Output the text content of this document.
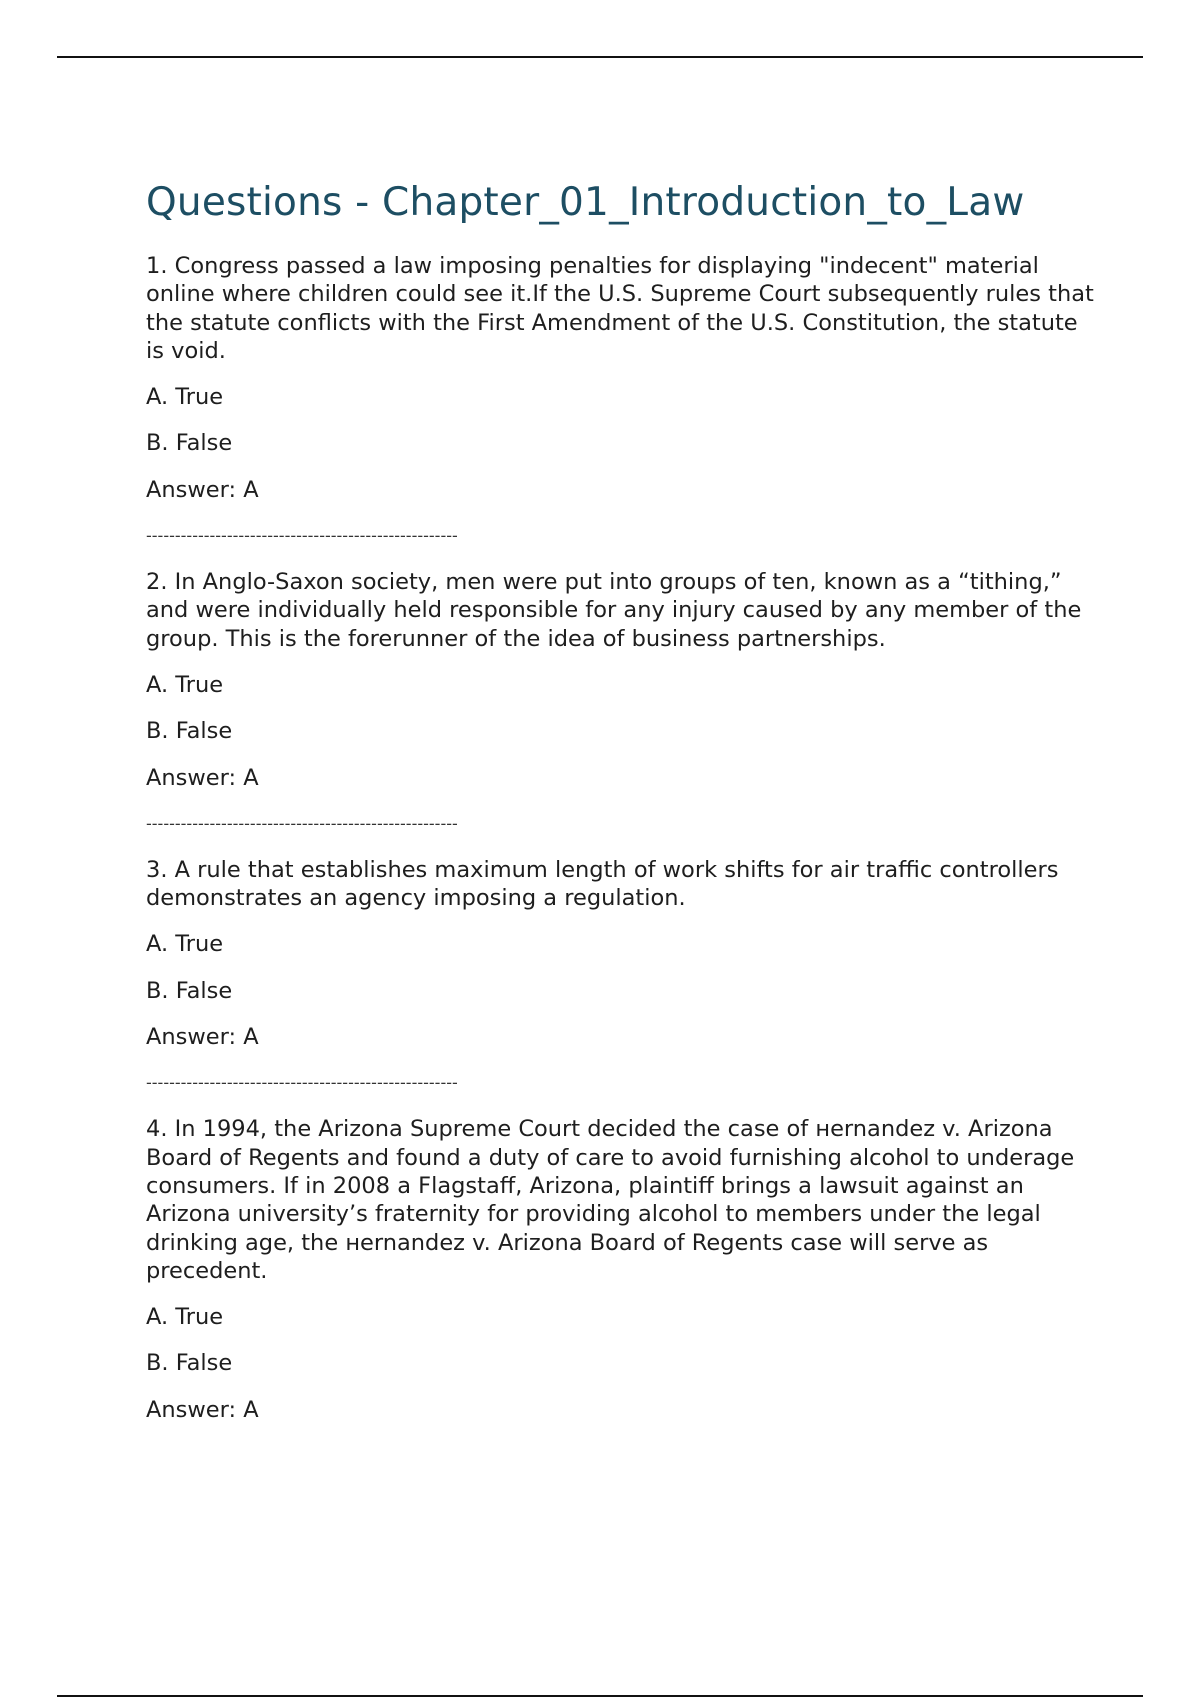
Questions - Chapter_01_Introduction_to_Law

1. Congress passed a law imposing penalties for displaying "indecent" material online where children could see it.If the U.S. Supreme Court subsequently rules that the statute conflicts with the First Amendment of the U.S. Constitution, the statute is void.

A. True

B. False

Answer: A

------------------------------------------------------

2. In Anglo-Saxon society, men were put into groups of ten, known as a “tithing,” and were individually held responsible for any injury caused by any member of the group. This is the forerunner of the idea of business partnerships.

A. True

B. False

Answer: A

------------------------------------------------------

3. A rule that establishes maximum length of work shifts for air traffic controllers demonstrates an agency imposing a regulation.

A. True

B. False

Answer: A

------------------------------------------------------

4. In 1994, the Arizona Supreme Court decided the case of ʜernandez v. Arizona Board of Regents and found a duty of care to avoid furnishing alcohol to underage consumers. If in 2008 a Flagstaff, Arizona, plaintiff brings a lawsuit against an Arizona university’s fraternity for providing alcohol to members under the legal drinking age, the ʜernandez v. Arizona Board of Regents case will serve as precedent.

A. True

B. False

Answer: A
